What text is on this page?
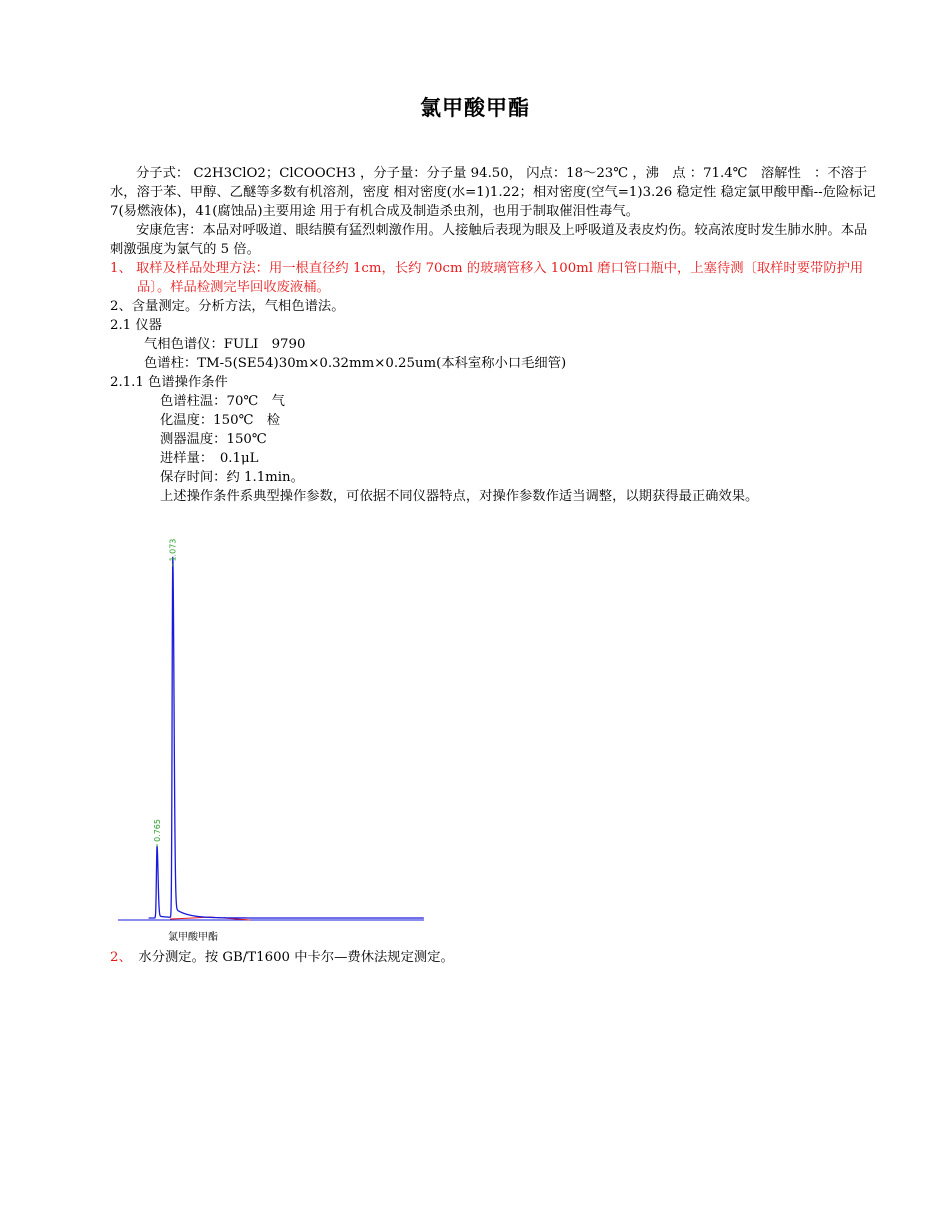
氯甲酸甲酯

分子式： C2H3ClO2；ClCOOCH3 ，分子量：分子量 94.50， 闪点：18～23℃ ，沸　点 ：71.4℃　溶解性　：不溶于水，溶于苯、甲醇、乙醚等多数有机溶剂，密度 相对密度(水=1)1.22；相对密度(空气=1)3.26 稳定性 稳定氯甲酸甲酯--危险标记 7(易燃液体)，41(腐蚀品)主要用途 用于有机合成及制造杀虫剂，也用于制取催泪性毒气。

安康危害：本品对呼吸道、眼结膜有猛烈刺激作用。人接触后表现为眼及上呼吸道及表皮灼伤。较高浓度时发生肺水肿。本品刺激强度为氯气的 5 倍。

1、 取样及样品处理方法：用一根直径约 1cm，长约 70cm 的玻璃管移入 100ml 磨口管口瓶中，上塞待测〔取样时要带防护用品〕。样品检测完毕回收废液桶。

2、含量测定。分析方法，气相色谱法。

2.1 仪器

气相色谱仪：FULI　9790

色谱柱：TM-5(SE54)30m×0.32mm×0.25um(本科室称小口毛细管)

2.1.1 色谱操作条件

色谱柱温：70℃　气

化温度：150℃　检

测器温度：150℃

进样量：　0.1μL

保存时间：约 1.1min。

上述操作条件系典型操作参数，可依据不同仪器特点，对操作参数作适当调整，以期获得最正确效果。

0.765
1.073
氯甲酸甲酯
2、　水分测定。按 GB/T1600 中卡尔—费休法规定测定。
